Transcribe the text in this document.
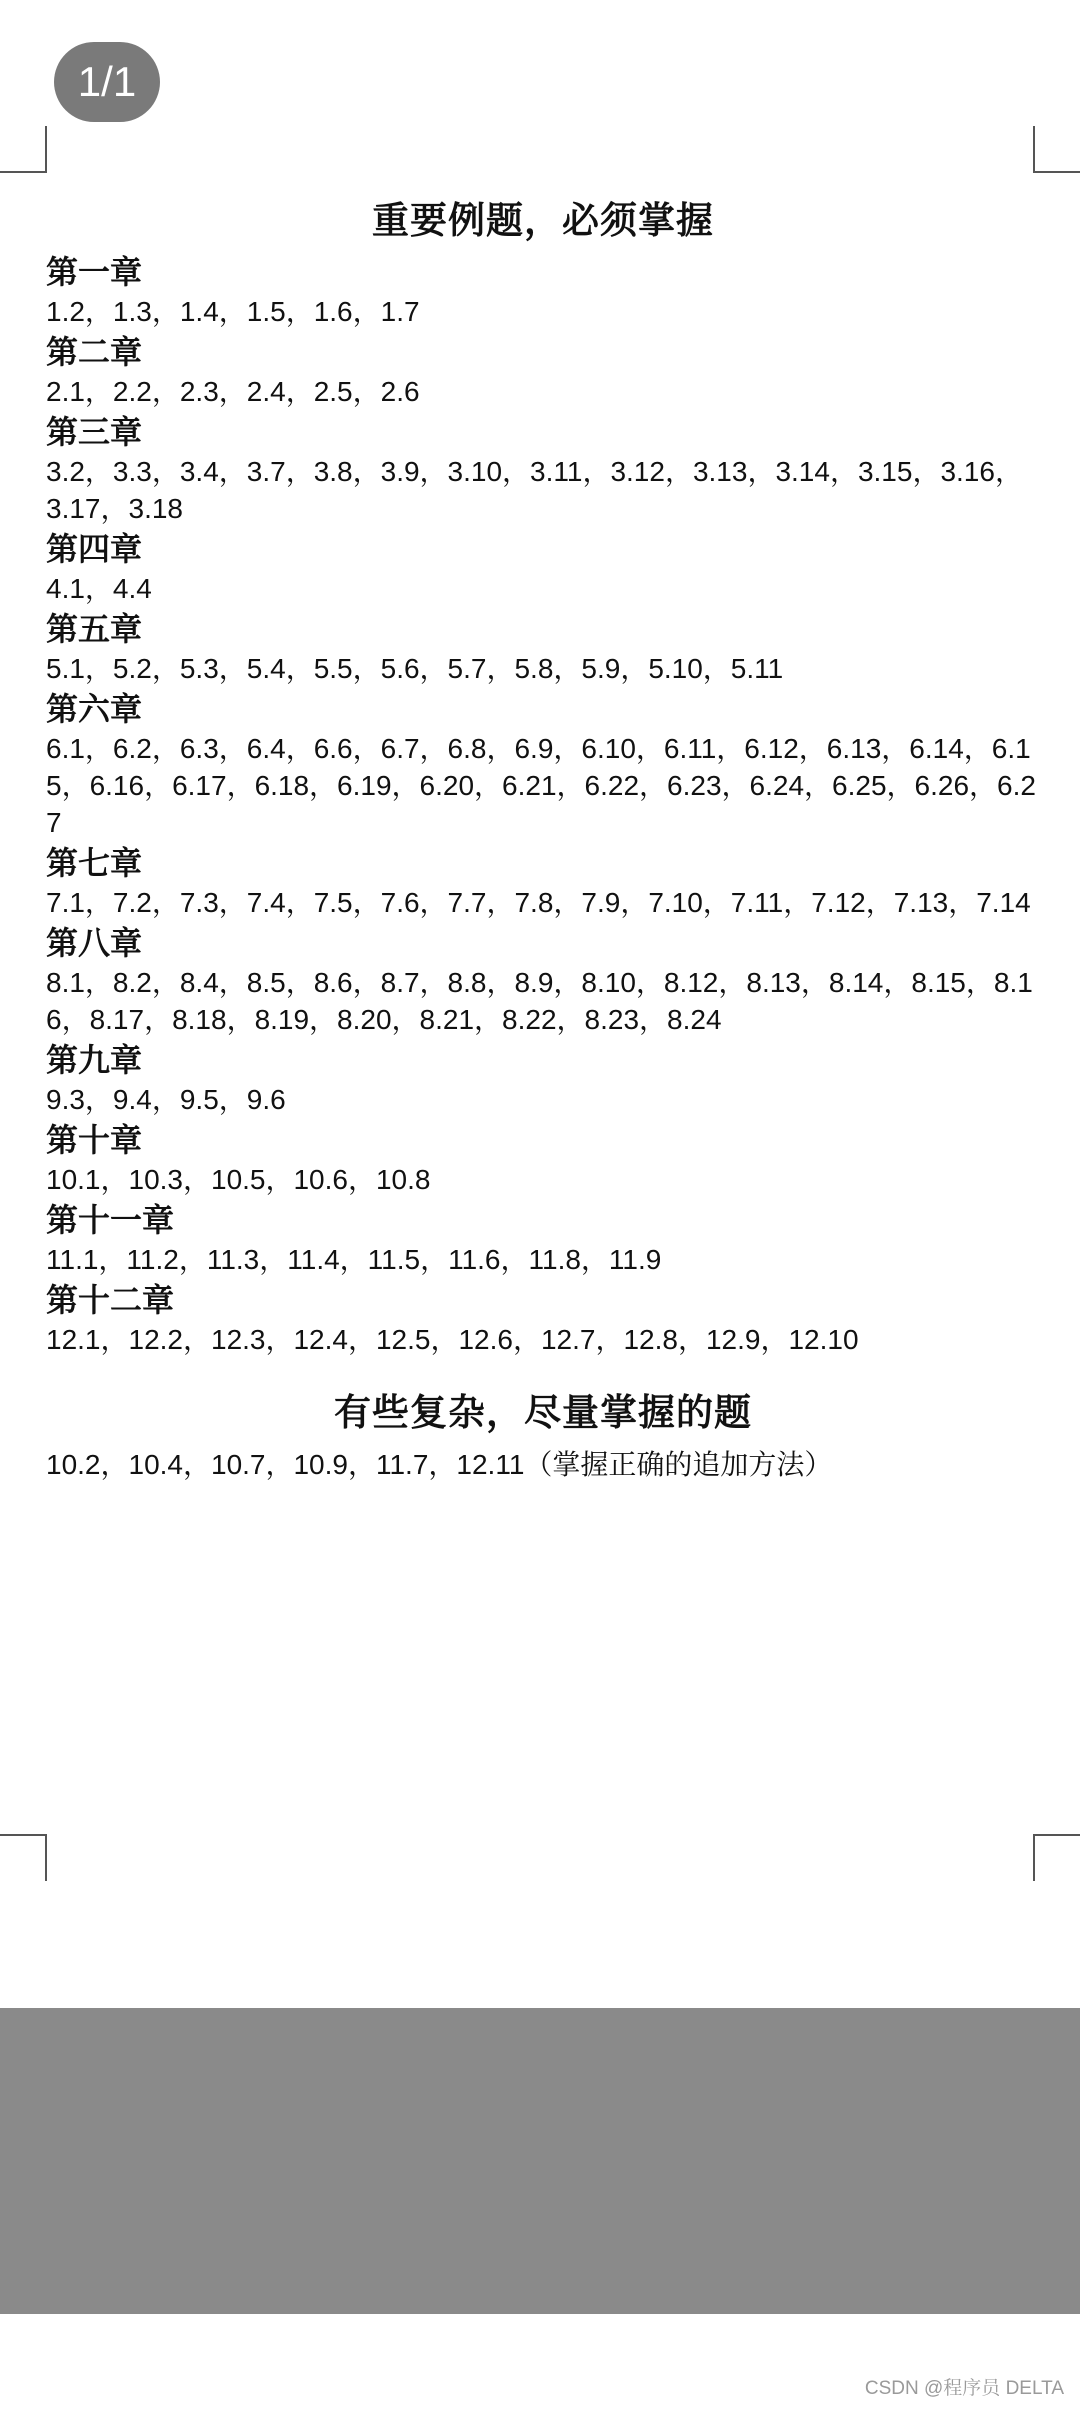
1/1
重要例题，必须掌握
第一章
1.2，1.3，1.4，1.5，1.6，1.7
第二章
2.1，2.2，2.3，2.4，2.5，2.6
第三章
3.2，3.3，3.4，3.7，3.8，3.9，3.10，3.11，3.12，3.13，3.14，3.15，3.16，3.17，3.18
第四章
4.1，4.4
第五章
5.1，5.2，5.3，5.4，5.5，5.6，5.7，5.8，5.9，5.10，5.11
第六章
6.1，6.2，6.3，6.4，6.6，6.7，6.8，6.9，6.10，6.11，6.12，6.13，6.14，6.15，6.16，6.17，6.18，6.19，6.20，6.21，6.22，6.23，6.24，6.25，6.26，6.27
第七章
7.1，7.2，7.3，7.4，7.5，7.6，7.7，7.8，7.9，7.10，7.11，7.12，7.13，7.14
第八章
8.1，8.2，8.4，8.5，8.6，8.7，8.8，8.9，8.10，8.12，8.13，8.14，8.15，8.16，8.17，8.18，8.19，8.20，8.21，8.22，8.23，8.24
第九章
9.3，9.4，9.5，9.6
第十章
10.1，10.3，10.5，10.6，10.8
第十一章
11.1，11.2，11.3，11.4，11.5，11.6，11.8，11.9
第十二章
12.1，12.2，12.3，12.4，12.5，12.6，12.7，12.8，12.9，12.10
有些复杂，尽量掌握的题
10.2，10.4，10.7，10.9，11.7，12.11（掌握正确的追加方法）
CSDN @程序员 DELTA
